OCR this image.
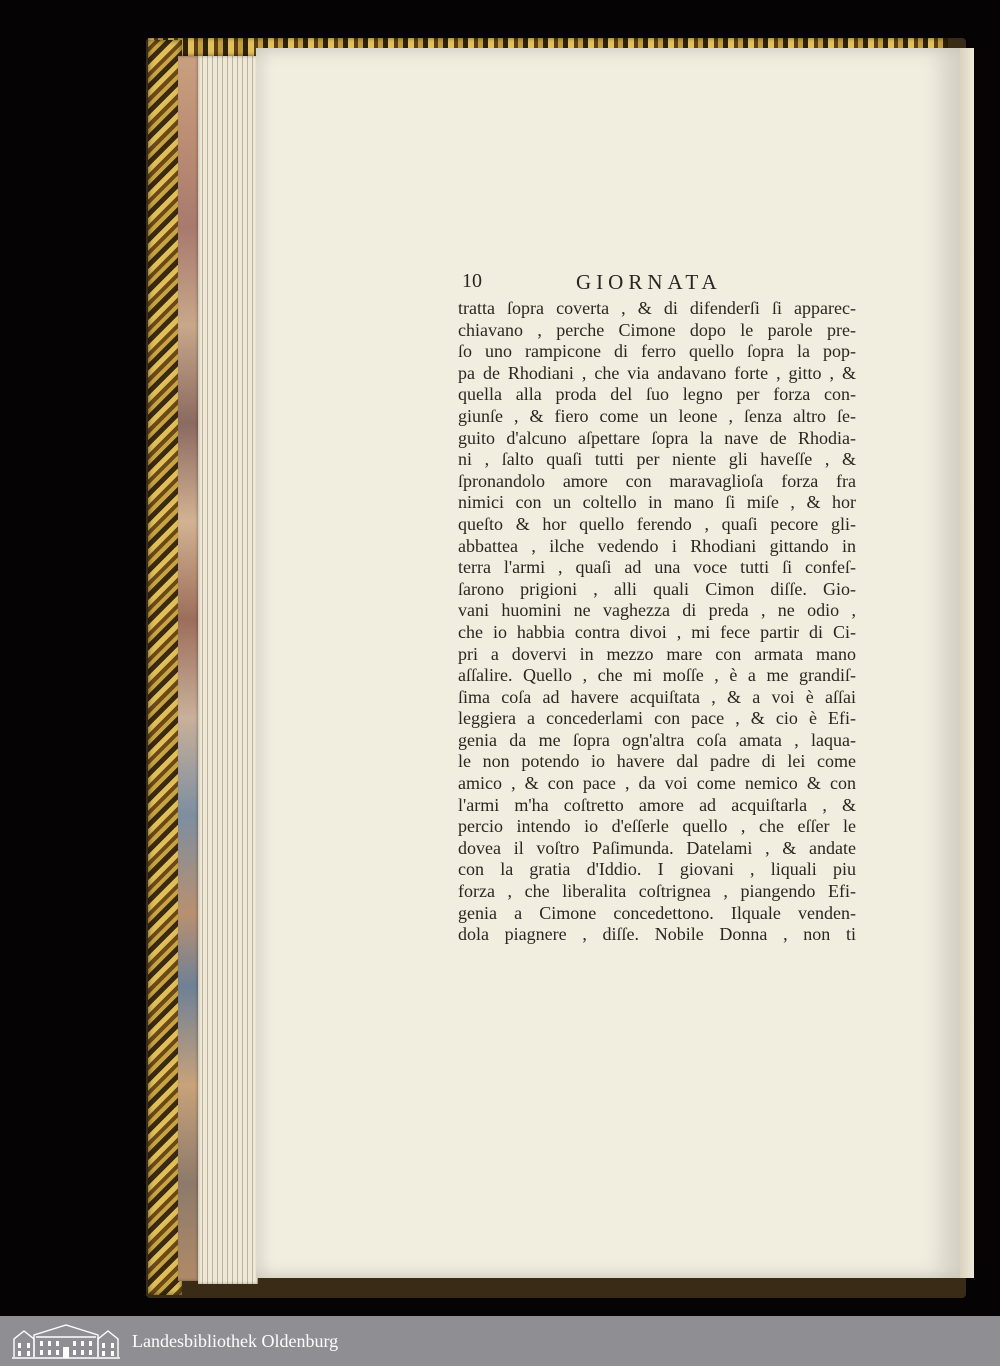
10	GIORNATA
tratta ſopra coverta , & di difenderſi ſi apparec-
chiavano , perche Cimone dopo le parole pre-
ſo uno rampicone di ferro quello ſopra la pop-
pa de Rhodiani , che via andavano forte , gitto , &
quella alla proda del ſuo legno per forza con-
giunſe , & fiero come un leone , ſenza altro ſe-
guito d'alcuno aſpettare ſopra la nave de Rhodia-
ni , ſalto quaſi tutti per niente gli haveſſe , &
ſpronandolo amore con maravaglioſa forza fra
nimici con un coltello in mano ſi miſe , & hor
queſto & hor quello ferendo , quaſi pecore gli-
abbattea , ilche vedendo i Rhodiani gittando in
terra l'armi , quaſi ad una voce tutti ſi confeſ-
ſarono prigioni , alli quali Cimon diſſe. Gio-
vani huomini ne vaghezza di preda , ne odio ,
che io habbia contra divoi , mi fece partir di Ci-
pri a dovervi in mezzo mare con armata mano
aſſalire. Quello , che mi moſſe , è a me grandiſ-
ſima coſa ad havere acquiſtata , & a voi è aſſai
leggiera a concederlami con pace , & cio è Efi-
genia da me ſopra ogn'altra coſa amata , laqua-
le non potendo io havere dal padre di lei come
amico , & con pace , da voi come nemico & con
l'armi m'ha coſtretto amore ad acquiſtarla , &
percio intendo io d'eſſerle quello , che eſſer le
dovea il voſtro Paſimunda. Datelami , & andate
con la gratia d'Iddio. I giovani , liquali piu
forza , che liberalita coſtrignea , piangendo Efi-
genia a Cimone concedettono. Ilquale venden-
dola piagnere , diſſe. Nobile Donna , non ti
Landesbibliothek Oldenburg
